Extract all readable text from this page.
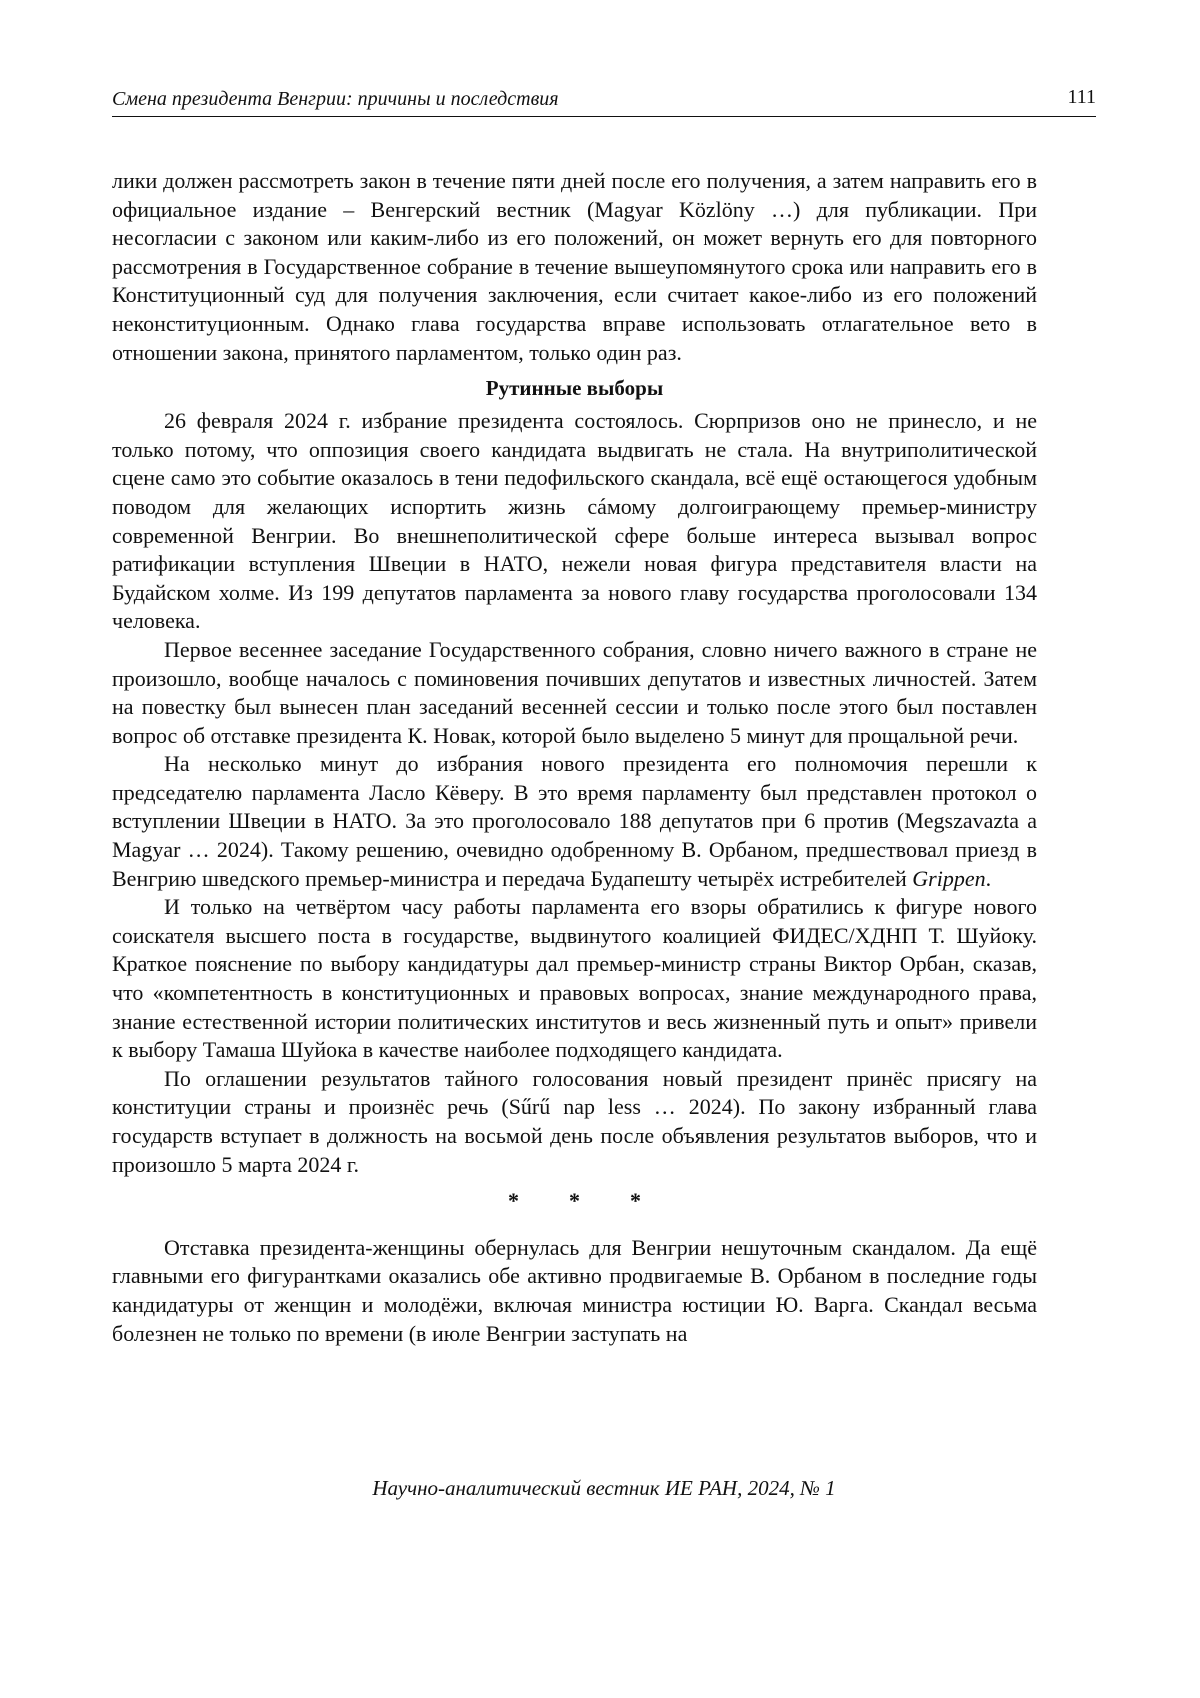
Смена президента Венгрии: причины и последствия	111

лики должен рассмотреть закон в течение пяти дней после его получения, а затем направить его в официальное издание – Венгерский вестник (Magyar Közlöny …) для публикации. При несогласии с законом или каким-либо из его положений, он может вернуть его для повторного рассмотрения в Государственное собрание в течение вышеупомянутого срока или направить его в Конституционный суд для получения заключения, если считает какое-либо из его положений неконституционным. Однако глава государства вправе использовать отлагательное вето в отношении закона, принятого парламентом, только один раз.

Рутинные выборы

26 февраля 2024 г. избрание президента состоялось. Сюрпризов оно не принесло, и не только потому, что оппозиция своего кандидата выдвигать не стала. На внутриполитической сцене само это событие оказалось в тени педофильского скандала, всё ещё остающегося удобным поводом для желающих испортить жизнь сáмому долгоиграющему премьер-министру современной Венгрии. Во внешнеполитической сфере больше интереса вызывал вопрос ратификации вступления Швеции в НАТО, нежели новая фигура представителя власти на Будайском холме. Из 199 депутатов парламента за нового главу государства проголосовали 134 человека.

Первое весеннее заседание Государственного собрания, словно ничего важного в стране не произошло, вообще началось с поминовения почивших депутатов и известных личностей. Затем на повестку был вынесен план заседаний весенней сессии и только после этого был поставлен вопрос об отставке президента К. Новак, которой было выделено 5 минут для прощальной речи.

На несколько минут до избрания нового президента его полномочия перешли к председателю парламента Ласло Кёверу. В это время парламенту был представлен протокол о вступлении Швеции в НАТО. За это проголосовало 188 депутатов при 6 против (Megszavazta a Magyar … 2024). Такому решению, очевидно одобренному В. Орбаном, предшествовал приезд в Венгрию шведского премьер-министра и передача Будапешту четырёх истребителей Grippen.

И только на четвёртом часу работы парламента его взоры обратились к фигуре нового соискателя высшего поста в государстве, выдвинутого коалицией ФИДЕС/ХДНП Т. Шуйоку. Краткое пояснение по выбору кандидатуры дал премьер-министр страны Виктор Орбан, сказав, что «компетентность в конституционных и правовых вопросах, знание международного права, знание естественной истории политических институтов и весь жизненный путь и опыт» привели к выбору Тамаша Шуйока в качестве наиболее подходящего кандидата.

По оглашении результатов тайного голосования новый президент принёс присягу на конституции страны и произнёс речь (Sűrű nap less … 2024). По закону избранный глава государств вступает в должность на восьмой день после объявления результатов выборов, что и произошло 5 марта 2024 г.

* * *

Отставка президента-женщины обернулась для Венгрии нешуточным скандалом. Да ещё главными его фигурантками оказались обе активно продвигаемые В. Орбаном в последние годы кандидатуры от женщин и молодёжи, включая министра юстиции Ю. Варга. Скандал весьма болезнен не только по времени (в июле Венгрии заступать на

Научно-аналитический вестник ИЕ РАН, 2024, № 1
